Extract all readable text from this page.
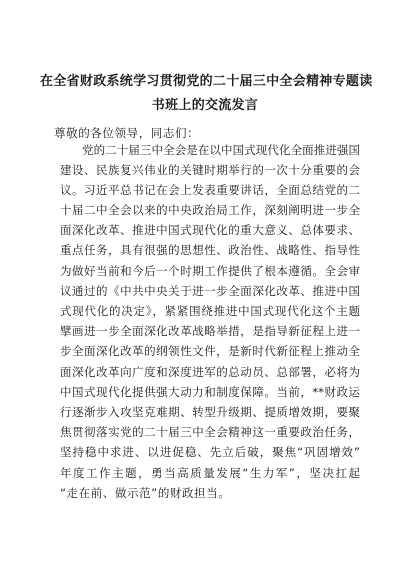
在全省财政系统学习贯彻党的二十届三中全会精神专题读
书班上的交流发言
尊敬的各位领导，同志们：
党的二十届三中全会是在以中国式现代化全面推进强国
建设、民族复兴伟业的关键时期举行的一次十分重要的会
议。习近平总书记在会上发表重要讲话，全面总结党的二
十届二中全会以来的中央政治局工作，深刻阐明进一步全
面深化改革、推进中国式现代化的重大意义、总体要求、
重点任务，具有很强的思想性、政治性、战略性、指导性
为做好当前和今后一个时期工作提供了根本遵循。全会审
议通过的《中共中央关于进一步全面深化改革、推进中国
式现代化的决定》，紧紧围绕推进中国式现代化这个主题
擘画进一步全面深化改革战略举措，是指导新征程上进一
步全面深化改革的纲领性文件，是新时代新征程上推动全
面深化改革向广度和深度进军的总动员、总部署，必将为
中国式现代化提供强大动力和制度保障。当前，**财政运
行逐渐步入攻坚克难期、转型升级期、提质增效期，要聚
焦贯彻落实党的二十届三中全会精神这一重要政治任务，
坚持稳中求进、以进促稳、先立后破，聚焦“巩固增效”
年度工作主题，勇当高质量发展“生力军”，坚决扛起
“走在前、做示范”的财政担当。
